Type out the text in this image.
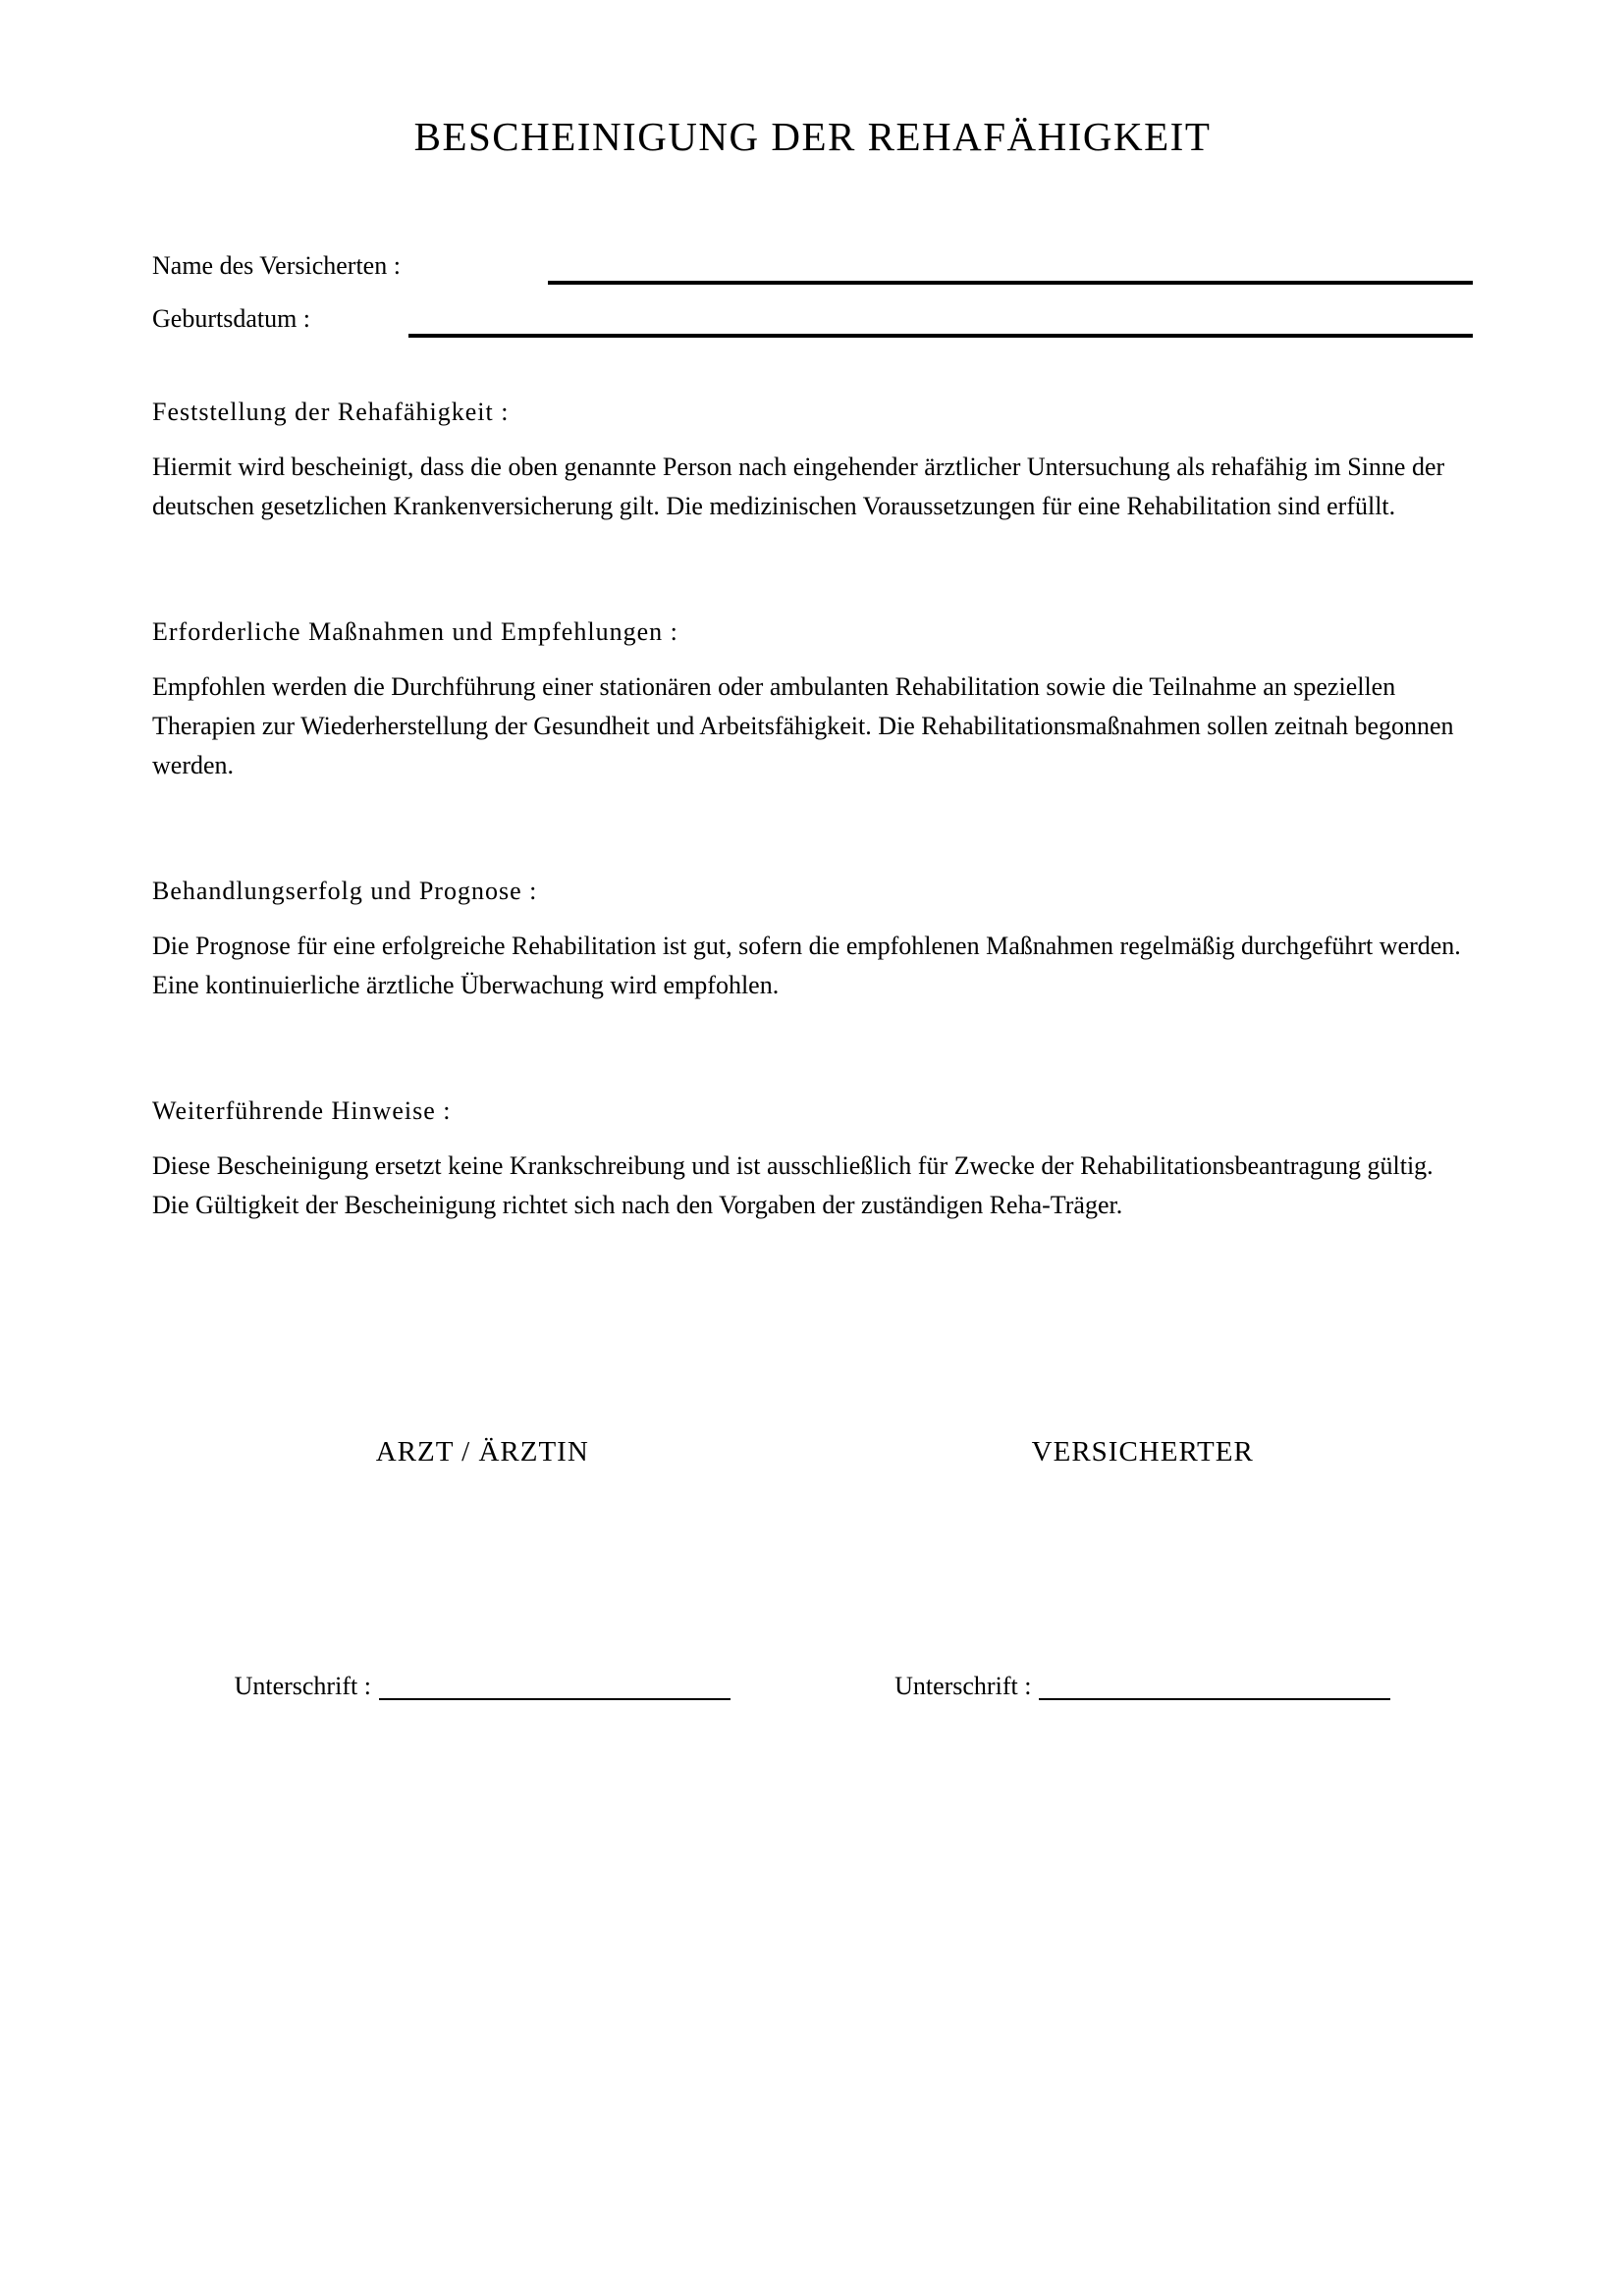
BESCHEINIGUNG DER REHAFÄHIGKEIT
Name des Versicherten :
Geburtsdatum :
Feststellung der Rehafähigkeit :

Hiermit wird bescheinigt, dass die oben genannte Person nach eingehender ärztlicher Untersuchung als rehafähig im Sinne der deutschen gesetzlichen Krankenversicherung gilt. Die medizinischen Voraussetzungen für eine Rehabilitation sind erfüllt.

Erforderliche Maßnahmen und Empfehlungen :

Empfohlen werden die Durchführung einer stationären oder ambulanten Rehabilitation sowie die Teilnahme an speziellen Therapien zur Wiederherstellung der Gesundheit und Arbeitsfähigkeit. Die Rehabilitationsmaßnahmen sollen zeitnah begonnen werden.

Behandlungserfolg und Prognose :

Die Prognose für eine erfolgreiche Rehabilitation ist gut, sofern die empfohlenen Maßnahmen regelmäßig durchgeführt werden. Eine kontinuierliche ärztliche Überwachung wird empfohlen.

Weiterführende Hinweise :

Diese Bescheinigung ersetzt keine Krankschreibung und ist ausschließlich für Zwecke der Rehabilitationsbeantragung gültig. Die Gültigkeit der Bescheinigung richtet sich nach den Vorgaben der zuständigen Reha-Träger.

ARZT / ÄRZTIN
Unterschrift :
VERSICHERTER
Unterschrift :
